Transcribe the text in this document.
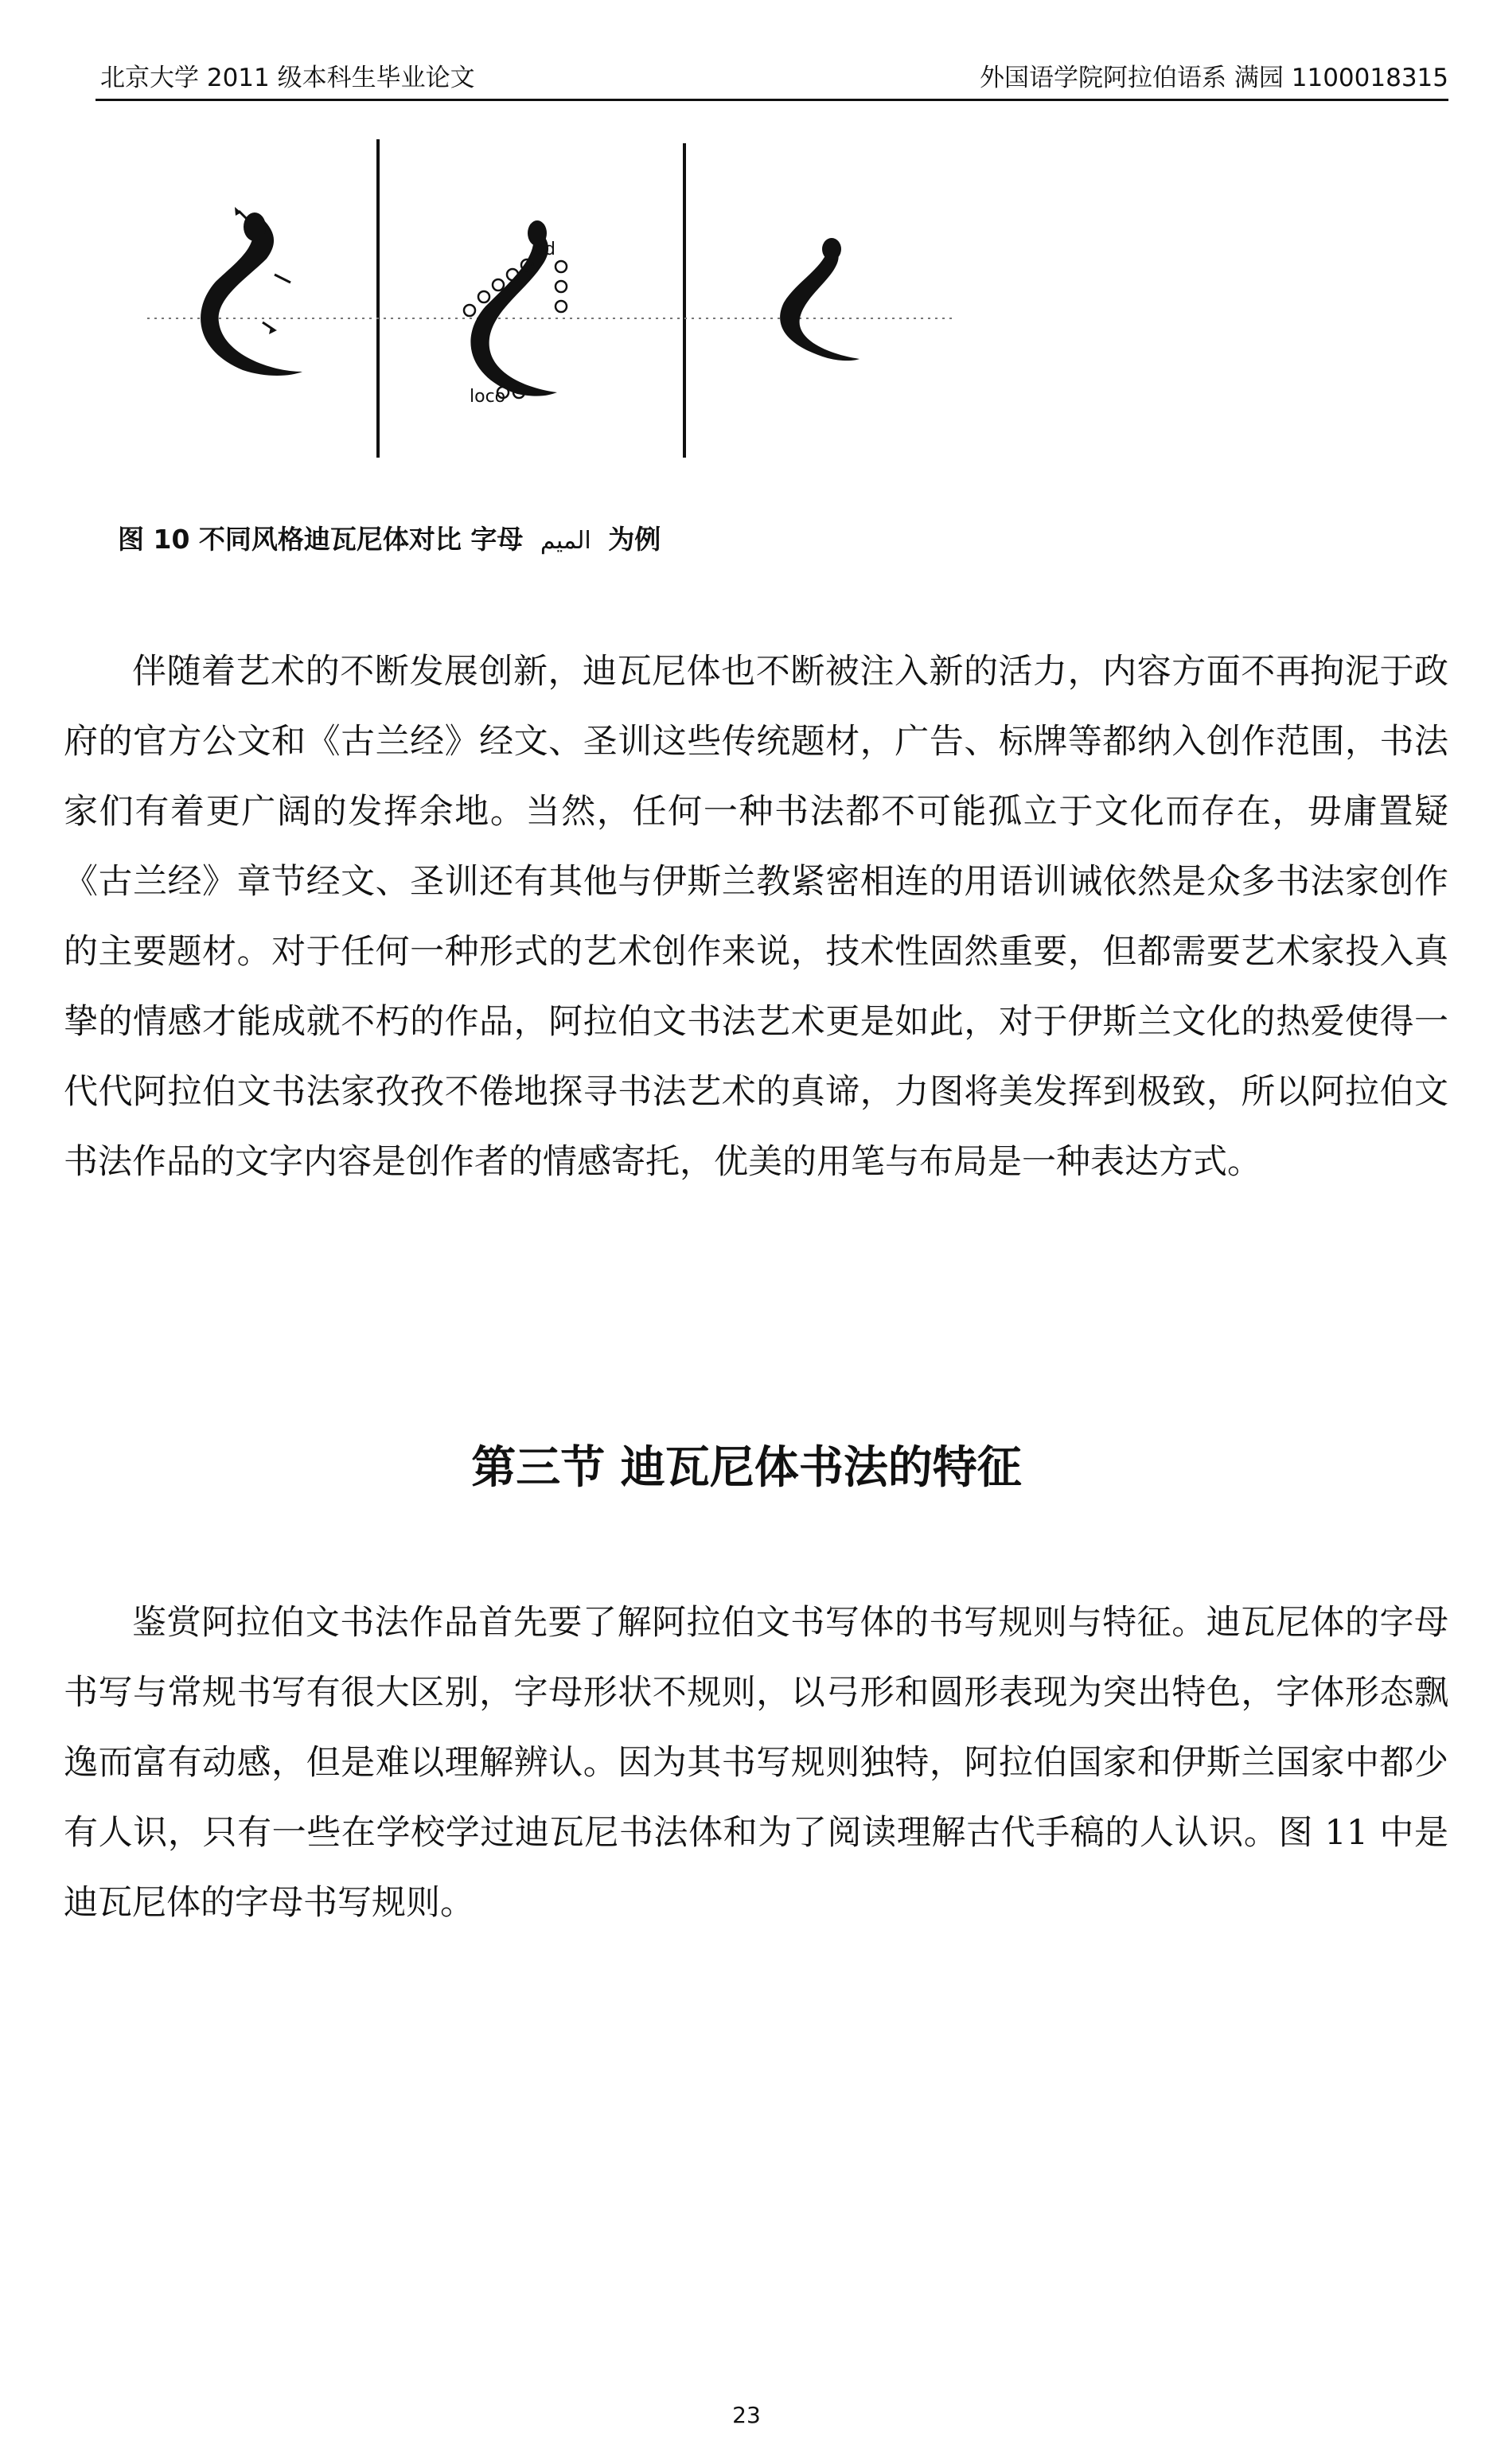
北京大学 2011 级本科生毕业论文	外国语学院阿拉伯语系 满园 1100018315
pd
loco
图 10 不同风格迪瓦尼体对比 字母 الميم 为例

伴随着艺术的不断发展创新，迪瓦尼体也不断被注入新的活力，内容方面不再拘泥于政府的官方公文和《古兰经》经文、圣训这些传统题材，广告、标牌等都纳入创作范围，书法家们有着更广阔的发挥余地。当然，任何一种书法都不可能孤立于文化而存在，毋庸置疑《古兰经》章节经文、圣训还有其他与伊斯兰教紧密相连的用语训诫依然是众多书法家创作的主要题材。对于任何一种形式的艺术创作来说，技术性固然重要，但都需要艺术家投入真挚的情感才能成就不朽的作品，阿拉伯文书法艺术更是如此，对于伊斯兰文化的热爱使得一代代阿拉伯文书法家孜孜不倦地探寻书法艺术的真谛，力图将美发挥到极致，所以阿拉伯文书法作品的文字内容是创作者的情感寄托，优美的用笔与布局是一种表达方式。

第三节 迪瓦尼体书法的特征

鉴赏阿拉伯文书法作品首先要了解阿拉伯文书写体的书写规则与特征。迪瓦尼体的字母书写与常规书写有很大区别，字母形状不规则，以弓形和圆形表现为突出特色，字体形态飘逸而富有动感，但是难以理解辨认。因为其书写规则独特，阿拉伯国家和伊斯兰国家中都少有人识，只有一些在学校学过迪瓦尼书法体和为了阅读理解古代手稿的人认识。图 11 中是迪瓦尼体的字母书写规则。

23
